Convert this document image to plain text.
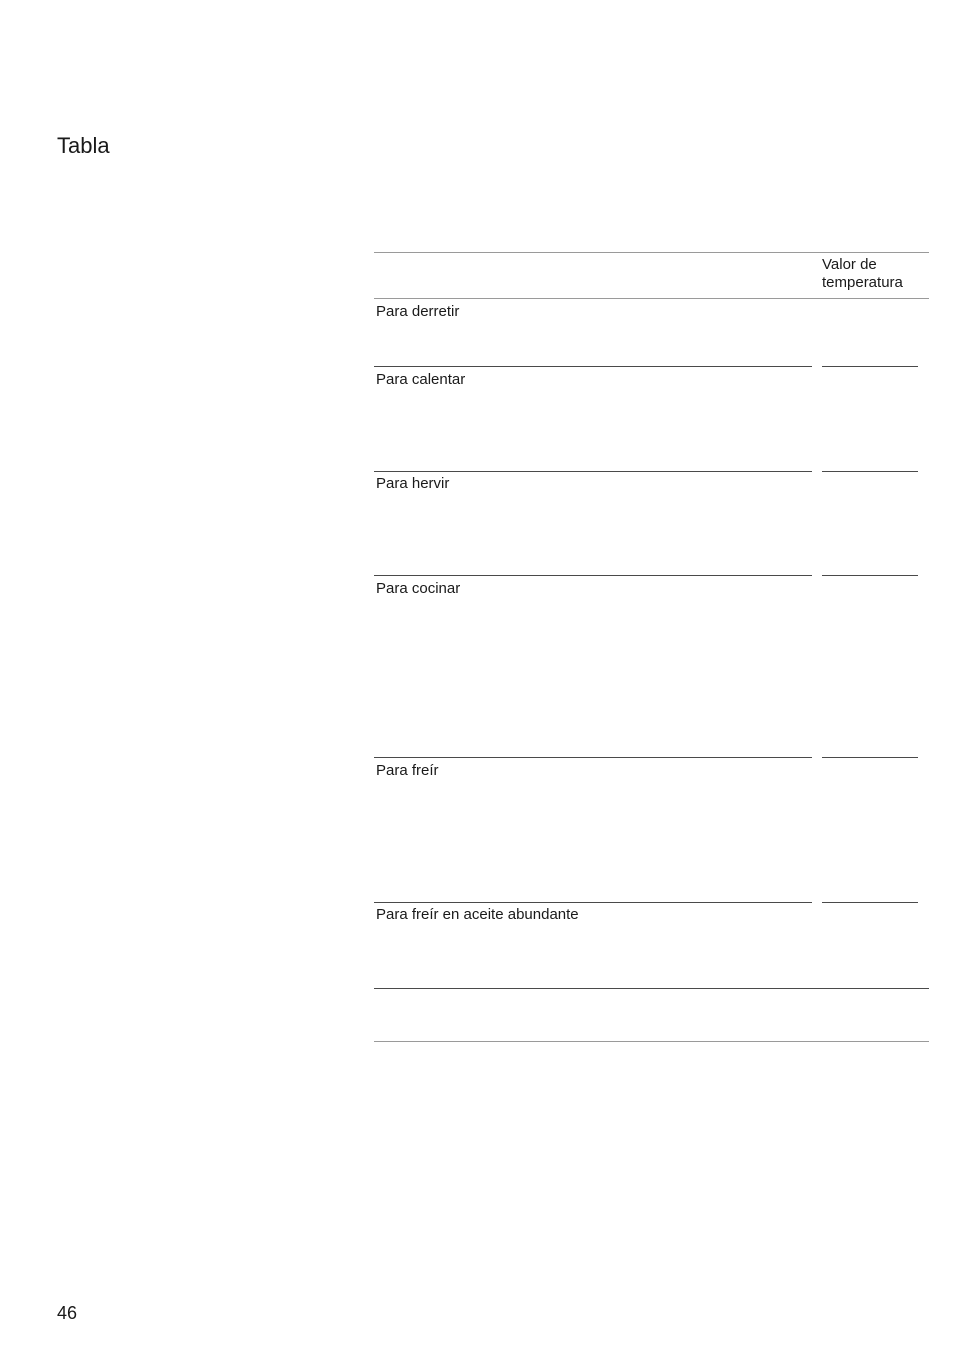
Tabla
Valor de
temperatura
Para derretir
Para calentar
Para hervir
Para cocinar
Para freír
Para freír en aceite abundante
46
